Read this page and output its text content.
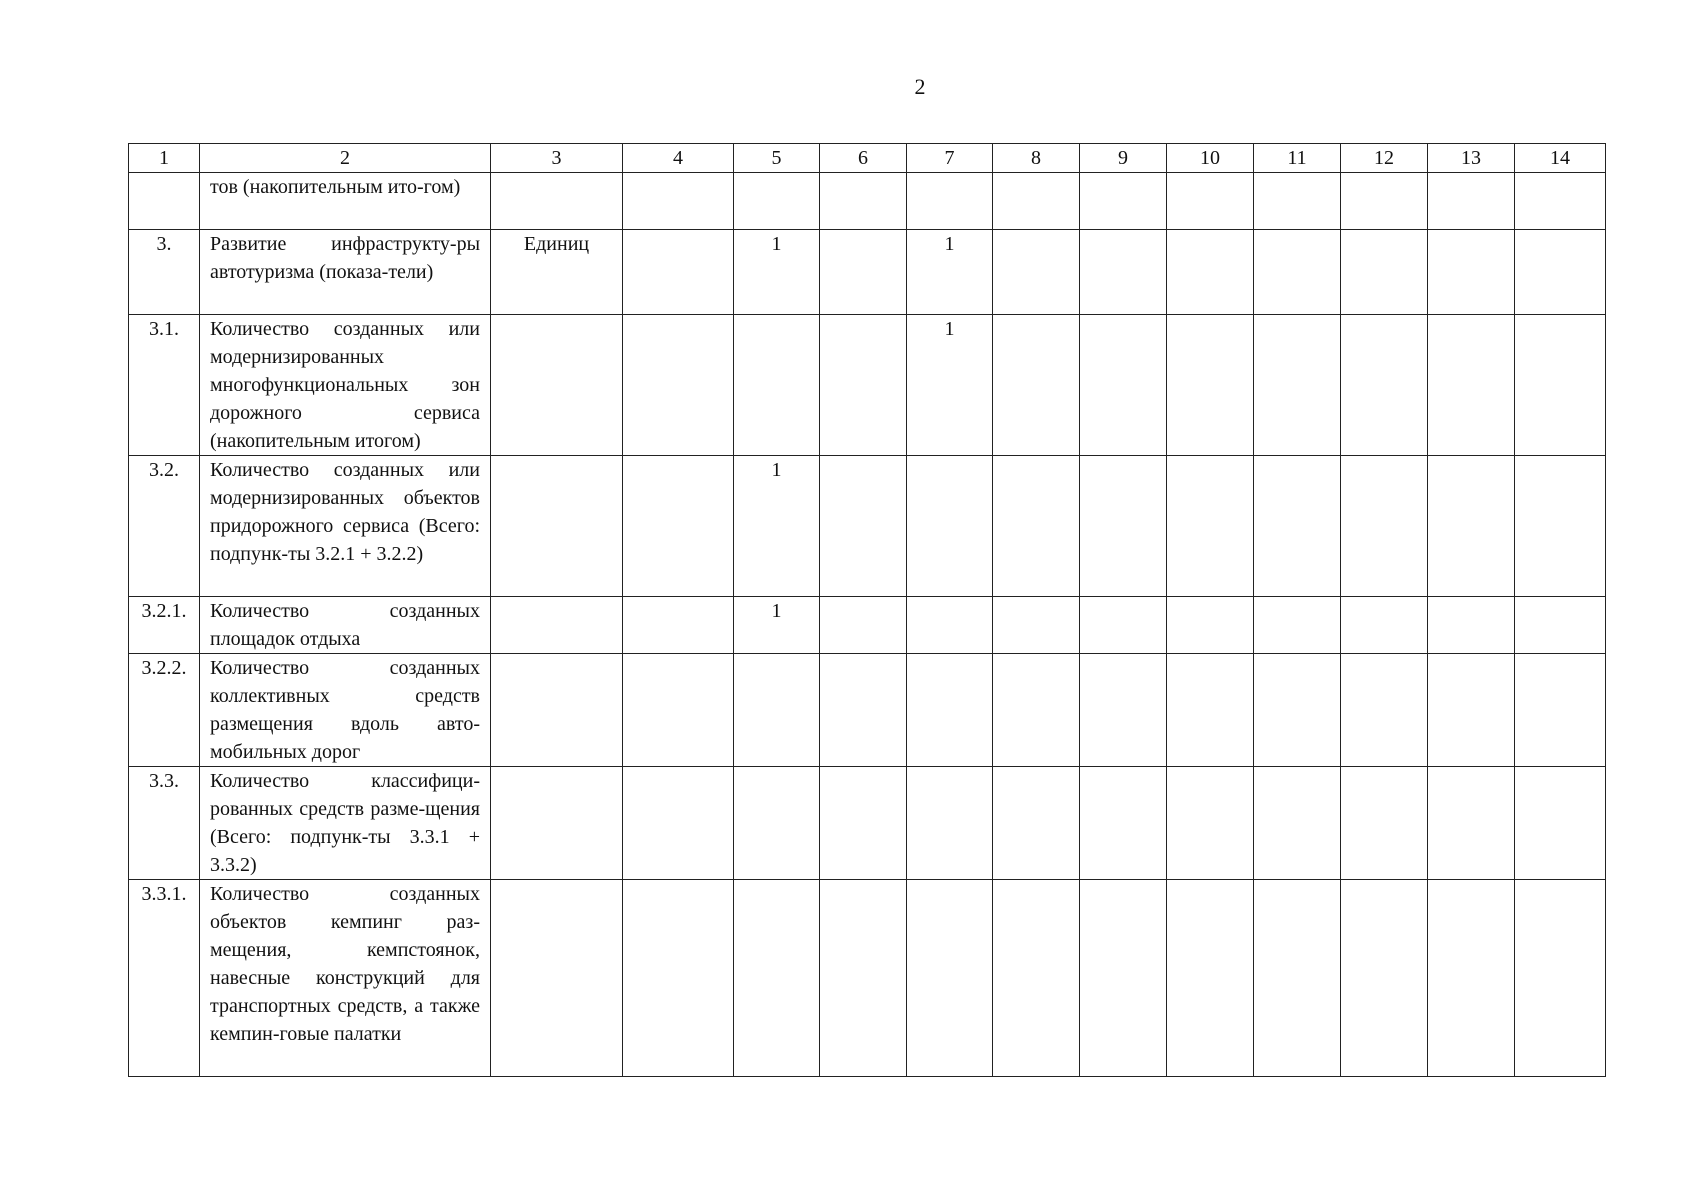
2
1	2	3	4	5	6	7	8	9	10	11	12	13	14
	тов (накопительным ито-гом)												
3.	Развитие инфраструкту-ры автотуризма (показа-тели)	Единиц		1		1							
3.1.	Количество созданных или модернизированных многофункциональных зон дорожного сервиса (накопительным итогом)					1							
3.2.	Количество созданных или модернизированных объектов придорожного сервиса (Всего: подпунк-ты 3.2.1 + 3.2.2)			1									
3.2.1.	Количество созданных площадок отдыха			1									
3.2.2.	Количество созданных коллективных средств размещения вдоль авто-мобильных дорог												
3.3.	Количество классифици-рованных средств разме-щения (Всего: подпунк-ты 3.3.1 + 3.3.2)												
3.3.1.	Количество созданных объектов кемпинг раз-мещения, кемпстоянок, навесные конструкций для транспортных средств, а также кемпин-говые палатки												
